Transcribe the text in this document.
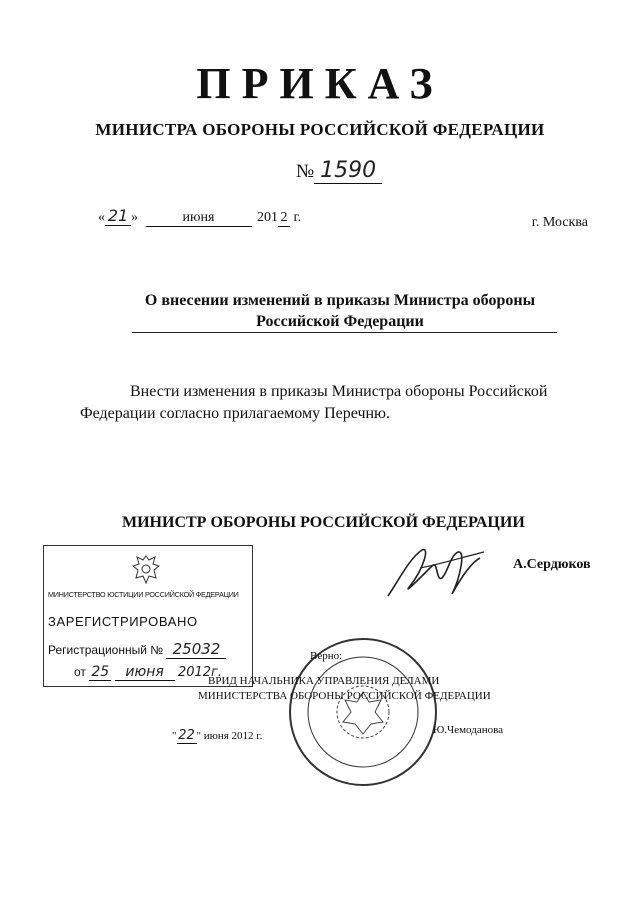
ПРИКАЗ
МИНИСТРА ОБОРОНЫ РОССИЙСКОЙ ФЕДЕРАЦИИ
№ 1590
« 21 »	июня	201 2 г.	г. Москва
О внесении изменений в приказы Министра обороны
Российской Федерации
Внести изменения в приказы Министра обороны Российской
Федерации согласно прилагаемому Перечню.
МИНИСТР ОБОРОНЫ РОССИЙСКОЙ ФЕДЕРАЦИИ
А.Сердюков
МИНИСТЕРСТВО ЮСТИЦИИ РОССИЙСКОЙ ФЕДЕРАЦИИ
ЗАРЕГИСТРИРОВАНО
Регистрационный № 25032
от 25 июня 2012г.
Верно:
ВРИД НАЧАЛЬНИКА УПРАВЛЕНИЯ ДЕЛАМИ
МИНИСТЕРСТВА ОБОРОНЫ РОССИЙСКОЙ ФЕДЕРАЦИИ
" 22 " июня 2012 г.	Ю.Чемоданова
